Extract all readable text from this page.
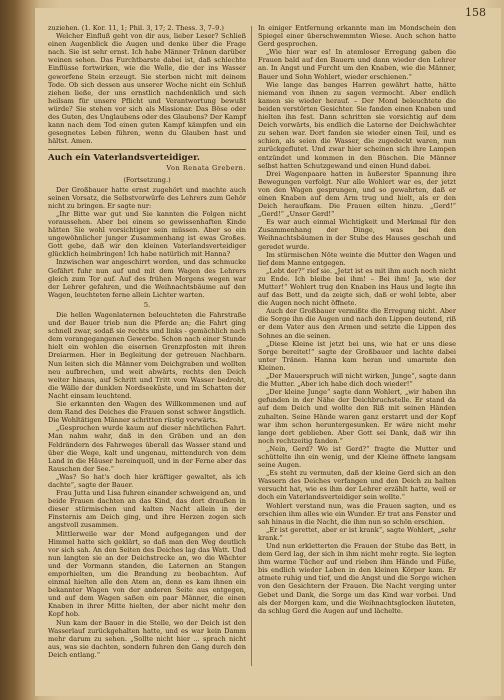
158

zuziehen. (1. Kor. 11, 1; Phil. 3, 17; 2. Thess. 3, 7–9.)

Welcher Einfluß geht von dir aus, lieber Leser? Schließ einen Augenblick die Augen und denke über die Frage nach. Sie ist sehr ernst. Ich habe Männer Tränen darüber weinen sehen. Das Furchtbarste dabei ist, daß schlechte Einflüsse fortwirken, wie die Welle, die der ins Wasser geworfene Stein erzeugt. Sie sterben nicht mit deinem Tode. Ob sich dessen aus unserer Woche nicht ein Schluß ziehen ließe, der uns ernstlich nachdenklich und sich heilsam für unsere Pflicht und Verantwortung bewußt würde? Sie stehen vor sich als Missionar. Das Böse oder des Guten, des Unglaubens oder des Glaubens? Der Kampf kann nach dem Tod einen guten Kampf kämpfen und ein gesegnetes Leben führen, wenn du Glauben hast und hältst. Amen.

Auch ein Vaterlandsverteidiger.

Von Renata Grebern.

(Fortsetzung.)

Der Großbauer hatte ernst zugehört und machte auch seinen Vorsatz, die Selbstvorwürfe des Lehrers zum Gehör nicht zu bringen. Er sagte nur:

„Ihr Bitte war gut und Sie kannten die Folgen nicht voraussehen. Aber bei einem so gewissenhaften Kinde hätten Sie wohl vorsichtiger sein müssen. Aber so ein ungewöhnlicher junger Zusammenhang ist ewas Großes. Gott gebe, daß wir den kleinen Vaterlandsverteidiger glücklich heimbringen! Ich habe natürlich mit Hanna?

Inzwischen war angeschirrt worden, und das schmucke Gefährt fuhr nun auf und mit dem Wagen des Lehrers gleich zum Tor auf. Auf des frühen Morgens wegen war der Lehrer gefahren, und die Weihnachtsbäume auf den Wagen, leuchteten ferne allein Lichter warten.

5.

Die hellen Wagenlaternen beleuchteten die Fahrstraße und der Bauer trieb nun die Pferde an; die Fahrt ging schnell zwar, sodaß sie rechts und links - gemächlich nach dem vorangegangenen Gewerbe. Schon nach einer Stunde hielt ein wohlen die eisernen Grenzpfosten mit ihren Dreiarmen. Hier in Begleitung der getreuen Nachbarn. Nun leiten sich die Männer vom Deichgraben und wollten neu aufbrechen, und weit abwärts, rechts den Deich weiter hinaus, auf Schritt und Tritt vom Wasser bedroht, die Wälle der dunklen Nordseeküste, und im Schatten der Nacht einsam leuchtend.

Sie erkannten den Wagen des Willkommenen und auf dem Rand des Deiches die Frauen sonst schwer ängstlich. Die Wohltätigen Männer schritten rüstig vorwärts.

„Gesprochen wurde kaum auf dieser nächtlichen Fahrt. Man nahm wahr, daß in den Gräben und an den Feldrändern des Fahrweges überall das Wasser stand und über die Wege, kalt und ungenau, mittendurch von dem Land in die Häuser hereinquoll, und in der Ferne aber das Rauschen der See.“

„Was? So hat's doch hier kräftiger gewaltet, als ich dachte“, sagte der Bauer.

Frau Jutta und Lisa fuhren einander schweigend an, und beide Frauen dachten an das Kind, das dort draußen in dieser stürmischen und kalten Nacht allein in der Finsternis am Deich ging, und ihre Herzen zogen sich angstvoll zusammen.

Mittlerweile war der Mond aufgegangen und der Himmel hatte sich geklärt, so daß man den Weg deutlich vor sich sah. An den Seiten des Deiches lag das Watt. Und nun langten sie an der Deichstrecke an, wo die Wächter und der Vormann standen, die Laternen an Stangen emporhielten, um die Brandung zu beobachten. Auf einmal hielten alle den Atem an, denn es kam ihnen ein bekannter Wagen von der anderen Seite aus entgegen, und auf dem Wagen saßen ein paar Männer, die einen Knaben in ihrer Mitte hielten, der aber nicht mehr den Kopf hob.

Nun kam der Bauer in die Stelle, wo der Deich ist den Wasserlauf zurückgehalten hatte, und es war kein Damm mehr darum zu sehen. „Sollte nicht hier ... sprach nicht aus, was sie dachten, sondern fuhren den Gang durch den Deich entlang.“

In einiger Entfernung erkannte man im Mondschein den Spiegel einer überschwemmten Wiese. Auch schon hatte Gerd gesprochen.

„Wie hier war es! In atemloser Erregung gaben die Frauen bald auf den Bauern und dann wieder den Lehrer an. In Angst und Furcht um den Knaben, wie die Männer, Bauer und Sohn Wohlert, wieder erschienen.“

Wie lange das banges Harren gewährt hatte, hätte niemand von ihnen zu sagen vermocht. Aber endlich kamen sie wieder herauf. – Der Mond beleuchtete die beiden verstörten Gesichter. Sie fanden einen Knaben und hielten ihn fest. Dann schritten sie vorsichtig auf dem Deich vorwärts, bis endlich die Laterne der Deichwächter zu sehen war. Dort fanden sie wieder einen Teil, und es schien, als seien die Wasser, die zugedeckt waren, nun zurückgeflutet. Und zwar hier scheinen sich ihre Lampen entzündet und kommen in den Büschen. Die Männer selbst hatten Schutzgewand und einen Hund dabei.

Drei Wagenpaare hatten in äußerster Spannung ihre Bewegungen verfolgt. Nur alle Wohlert war es, der jetzt von den Wagen gesprungen, und so gewahrten, daß er einen Knaben auf dem Arm trug und hielt, als er den Deich heraufkam. Die Frauen eilten hinzu. „Gerd!“ „Gerd!“ „Unser Gerd!“

Es war auch einmal Wichtigkeit und Merkmal für den Zusammenhang der Dinge, was bei den Weihnachtsbäumen in der Stube des Hauses geschah und geredet wurde.

Im stürmischen Nöte weinte die Mutter den Wagen und lief dem Manne entgegen.

„Lebt der?“ rief sie. „Jetzt ist es mit ihm auch noch nicht zu Ende. Ich bleibe bei ihm! – Bei ihm! Ja, wie der Mutter!“ Wohlert trug den Knaben ins Haus und legte ihn auf das Bett, und da zeigte sich, daß er wohl lebte, aber die Augen noch nicht öffnete.

Auch der Großbauer vermißte die Erregung nicht. Aber die Sorge ihn die Augen und nach den Lippen deutend, riß er dem Vater aus den Armen und setzte die Lippen des Sohnes an die seinen.

„Diese Kleine ist jetzt bei uns, wie hat er uns diese Sorge bereitet!“ sagte der Großbauer und lachte dabei unter Tränen. Hanna kam heran und umarmte den Kleinen.

„Der Mauerspruch will nicht wirken, Junge“, sagte dann die Mutter. „Aber ich habe dich doch wieder!“

„Der kleine Junge“ sagte dann Wohlert, „wir haben ihn gefunden in der Nähe der Deichbruchstelle. Er stand da auf dem Deich und wollte den Riß mit seinen Händen zuhalten. Seine Hände waren ganz erstarrt und der Kopf war ihm schon heruntergesunken. Er wäre nicht mehr lange dort geblieben. Aber Gott sei Dank, daß wir ihn noch rechtzeitig fanden.“

„Nein, Gerd? Wo ist Gerd?“ fragte die Mutter und schüttelte ihn ein wenig, und der Kleine öffnete langsam seine Augen.

„Es steht zu vermuten, daß der kleine Gerd sich an den Wassern des Deiches verfangen und den Deich zu halten versucht hat, wie es ihm der Lehrer erzählt hatte, weil er doch ein Vaterlandsverteidiger sein wollte.“

Wohlert verstand nun, was die Frauen sagten, und es erschien ihm alles wie ein Wunder. Er trat ans Fenster und sah hinaus in die Nacht, die ihm nun so schön erschien.

„Er ist gerettet, aber er ist krank“, sagte Wohlert, „sehr krank.“

Und nun erkletterten die Frauen der Stube das Bett, in dem Gerd lag, der sich in ihm nicht mehr regte. Sie legten ihm warme Tücher auf und rieben ihm Hände und Füße, bis endlich wieder Leben in den kleinen Körper kam. Er atmete ruhig und tief, und die Angst und die Sorge wichen von den Gesichtern der Frauen. Die Nacht verging unter Gebet und Dank, die Sorge um das Kind war vorbei. Und als der Morgen kam, und die Weihnachtsglocken läuteten, da schlug Gerd die Augen auf und lächelte.
